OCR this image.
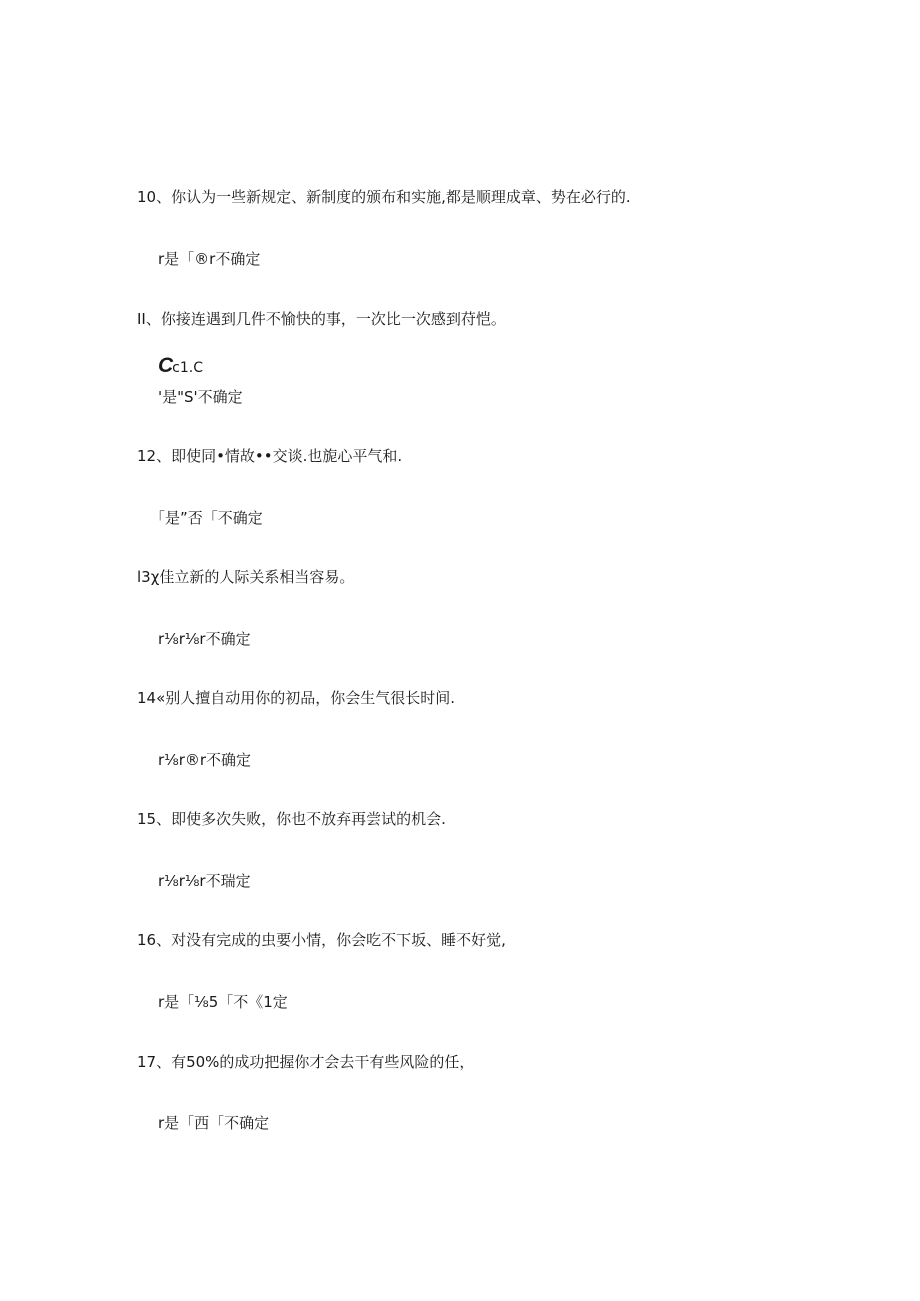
10、你认为一些新规定、新制度的颁布和实施,都是顺理成章、势在必行的.
r是「®r不确定
II、你接连遇到几件不愉快的事，一次比一次感到苻恺。
Cc1.C
'是"S'不确定
12、即使同•情故••交谈.也旎心平气和.
「是”否「不确定
l3χ佳立新的人际关系相当容易。
r⅛r⅛r不确定
14«别人擅自动用你的初品，你会生气很长时间.
r⅛r®r不确定
15、即使多次失败，你也不放弃再尝试的机会.
r⅛r⅛r不瑞定
16、对没有完成的虫要小情，你会吃不下坂、睡不好觉,
r是「⅛5「不《1定
17、有50%的成功把握你才会去干有些风险的任，
r是「西「不确定
